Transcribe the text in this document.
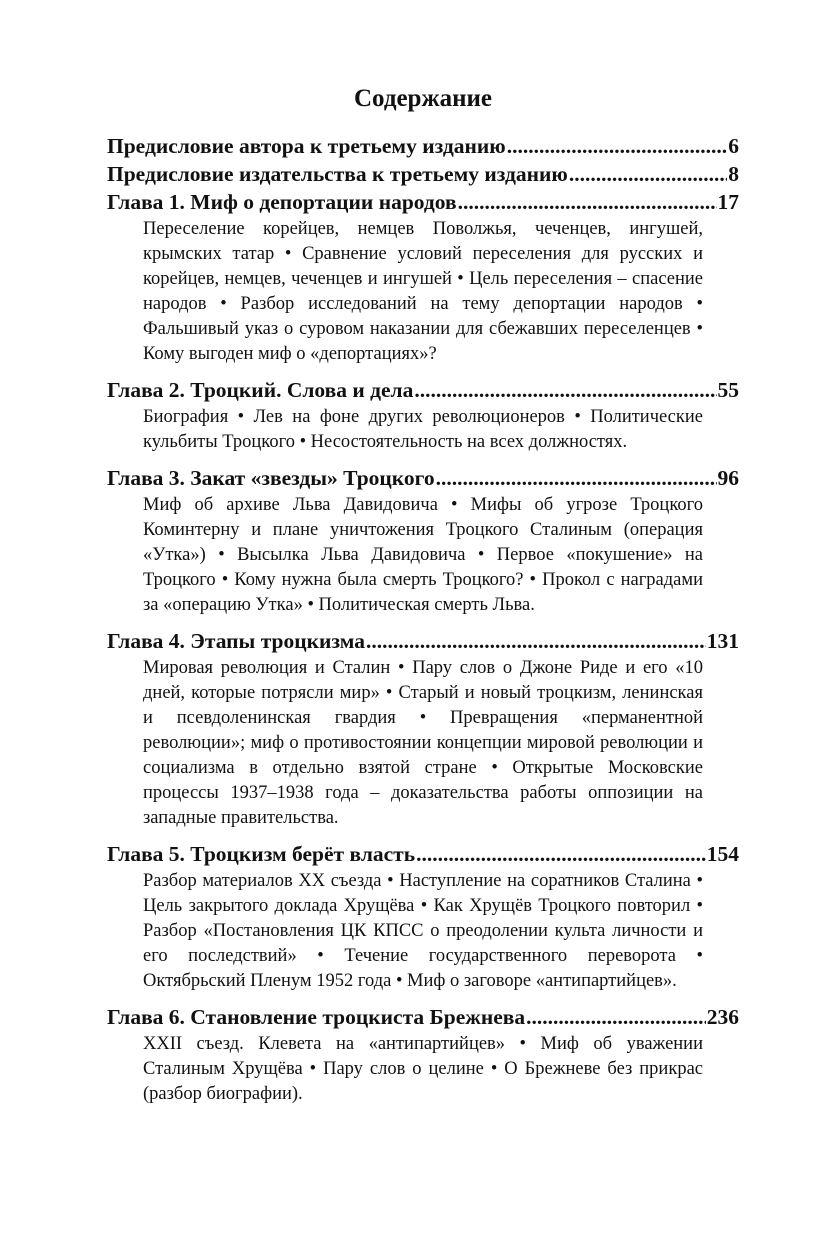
Содержание
Предисловие автора к третьему изданию .....	6
Предисловие издательства к третьему изданию .....	8
Глава 1. Миф о депортации народов .....	17

Переселение корейцев, немцев Поволжья, чеченцев, ингушей, крымских татар • Сравнение условий переселения для русских и корейцев, немцев, чеченцев и ингушей • Цель переселения – спасение народов • Разбор исследований на тему депортации народов • Фальшивый указ о суровом наказании для сбежавших переселенцев • Кому выгоден миф о «депортациях»?

Глава 2. Троцкий. Слова и дела .....	55

Биография • Лев на фоне других революционеров • Политические кульбиты Троцкого • Несостоятельность на всех должностях.

Глава 3. Закат «звезды» Троцкого .....	96

Миф об архиве Льва Давидовича • Мифы об угрозе Троцкого Коминтерну и плане уничтожения Троцкого Сталиным (операция «Утка») • Высылка Льва Давидовича • Первое «покушение» на Троцкого • Кому нужна была смерть Троцкого? • Прокол с наградами за «операцию Утка» • Политическая смерть Льва.

Глава 4. Этапы троцкизма .....	131

Мировая революция и Сталин • Пару слов о Джоне Риде и его «10 дней, которые потрясли мир» • Старый и новый троцкизм, ленинская и псевдоленинская гвардия • Превращения «перманентной революции»; миф о противостоянии концепции мировой революции и социализма в отдельно взятой стране • Открытые Московские процессы 1937–1938 года – доказательства работы оппозиции на западные правительства.

Глава 5. Троцкизм берёт власть .....	154

Разбор материалов XX съезда • Наступление на соратников Сталина • Цель закрытого доклада Хрущёва • Как Хрущёв Троцкого повторил • Разбор «Постановления ЦК КПСС о преодолении культа личности и его последствий» • Течение государственного переворота • Октябрьский Пленум 1952 года • Миф о заговоре «антипартийцев».

Глава 6. Становление троцкиста Брежнева .....	236

XXII съезд. Клевета на «антипартийцев» • Миф об уважении Сталиным Хрущёва • Пару слов о целине • О Брежневе без прикрас (разбор биографии).
